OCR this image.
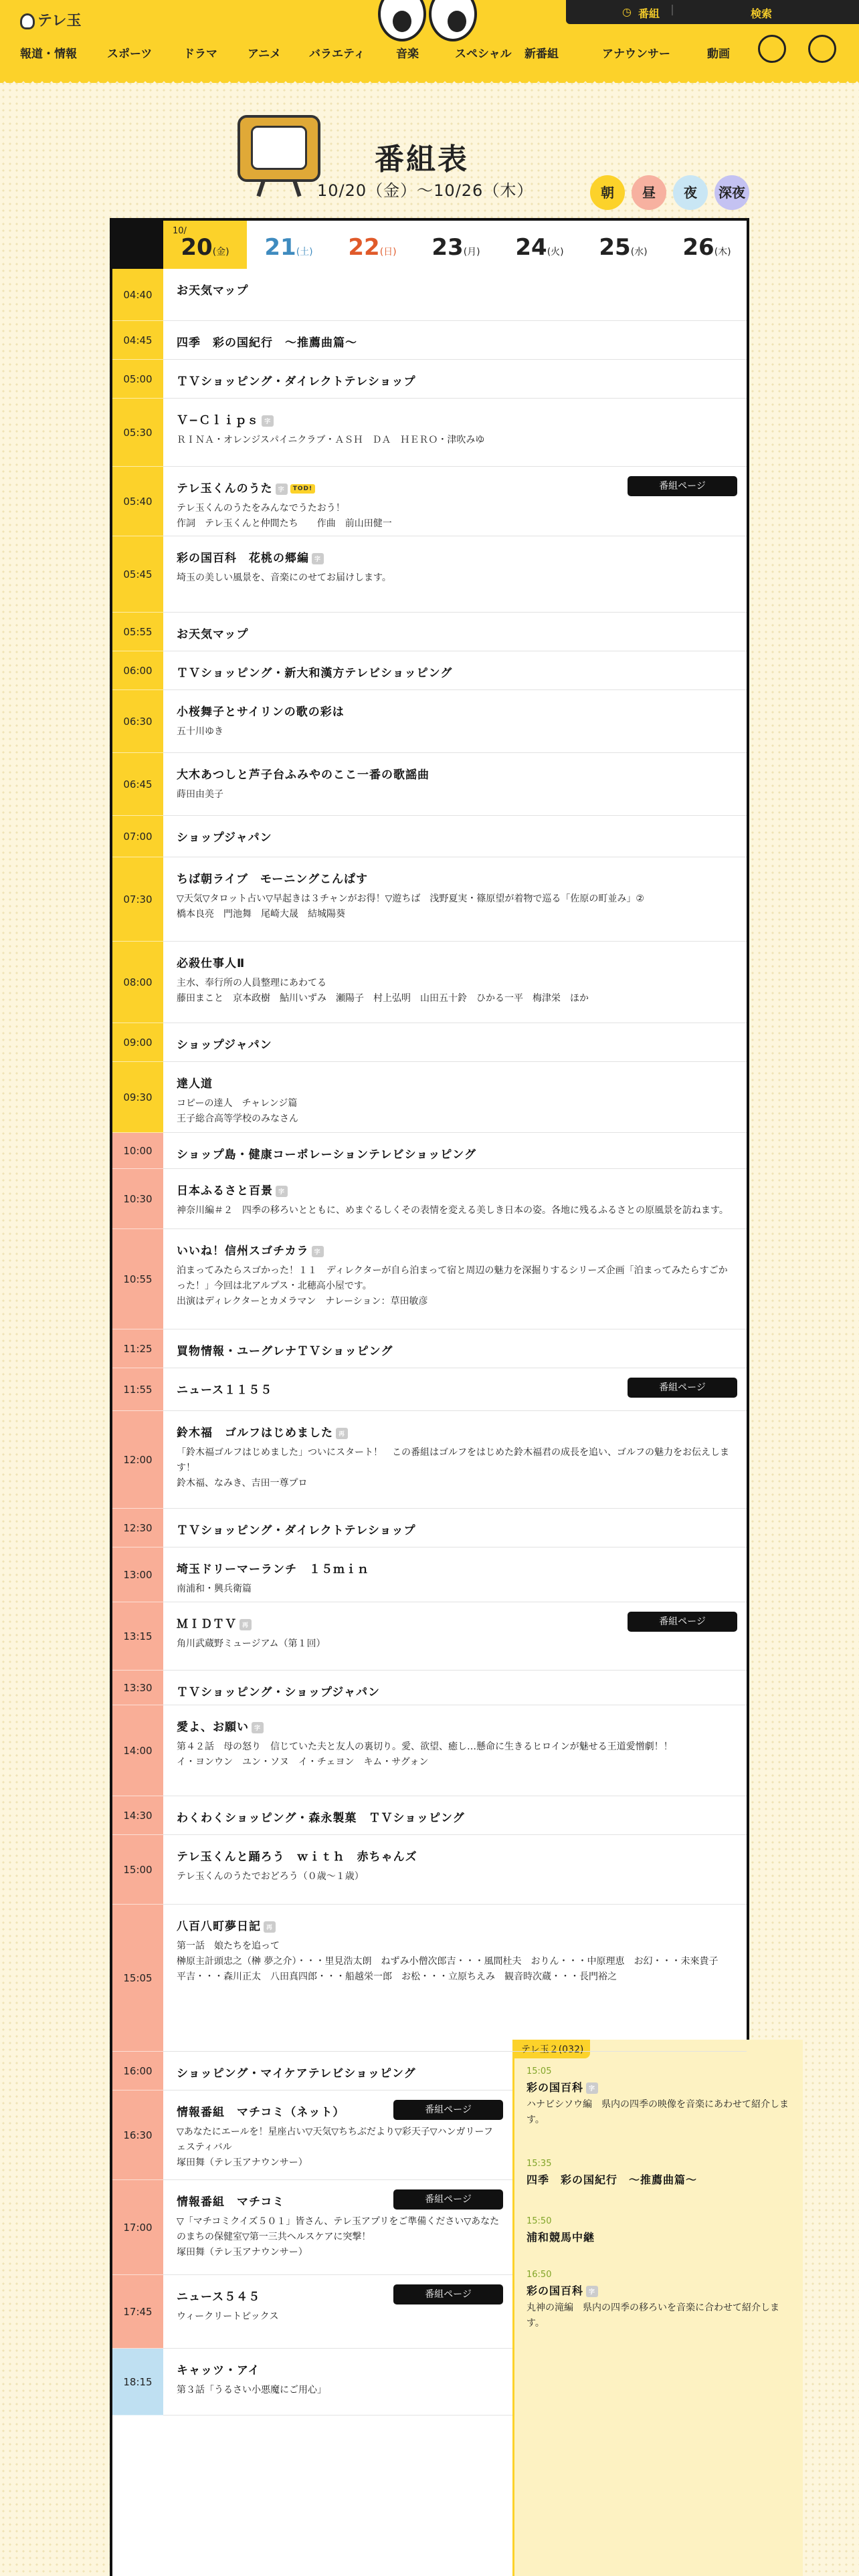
テレ玉
◷ 番組 |	検索
報道・情報	スポーツ	ドラマ	アニメ バラエティ	音楽	スペシャル 新番組	アナウンサー	動画
番組表
10/20（金）〜10/26（木）	朝	昼	夜	深夜
10/
20(金)	21(土)	22(日)	23(月)	24(火)	25(水)	26(木)
テレ玉２(032)
15:05
彩の国百科 字
ハナビシソウ編　県内の四季の映像を音楽にあわせて紹介します。
15:35
四季　彩の国紀行　〜推薦曲篇〜
15:50
浦和競馬中継
16:50
彩の国百科 字
丸神の滝編　県内の四季の移ろいを音楽に合わせて紹介します。
04:40	お天気マップ
04:45	四季　彩の国紀行　〜推薦曲篇〜
05:00	ＴＶショッピング・ダイレクトテレショップ
05:30
Ｖ−Ｃｌｉｐｓ 字
ＲＩＮＡ・オレンジスパイニクラブ・ＡＳＨ　ＤＡ　ＨＥＲＯ・津吹みゆ
05:40
テレ玉くんのうた 字 TOD!	番組ページ
テレ玉くんのうたをみんなでうたおう！
作詞　テレ玉くんと仲間たち　　作曲　前山田健一
05:45
彩の国百科　花桃の郷編 字
埼玉の美しい風景を、音楽にのせてお届けします。
05:55	お天気マップ
06:00	ＴＶショッピング・新大和漢方テレビショッピング
06:30
小桜舞子とサイリンの歌の彩は
五十川ゆき
06:45
大木あつしと芦子台ふみやのここ一番の歌謡曲
蒔田由美子
07:00	ショップジャパン
07:30
ちば朝ライブ　モーニングこんぱす
▽天気▽タロット占い▽早起きは３チャンがお得！▽遊ちば　浅野夏実・篠原望が着物で巡る「佐原の町並み」②
橋本良亮　門池舞　尾崎大晟　結城陽葵
08:00
必殺仕事人Ⅱ
主水、奉行所の人員整理にあわてる
藤田まこと　京本政樹　鮎川いずみ　瀬陽子　村上弘明　山田五十鈴　ひかる一平　梅津栄　ほか
09:00	ショップジャパン
09:30
達人道
コピーの達人　チャレンジ篇
王子総合高等学校のみなさん
10:00	ショップ島・健康コーポレーションテレビショッピング
10:30
日本ふるさと百景 字
神奈川編＃２　四季の移ろいとともに、めまぐるしくその表情を変える美しき日本の姿。各地に残るふるさとの原風景を訪ねます。
10:55
いいね！信州スゴチカラ 字
泊まってみたらスゴかった！１１　ディレクターが自ら泊まって宿と周辺の魅力を深掘りするシリーズ企画「泊まってみたらすごかった！」今回は北アルプス・北穂高小屋です。
出演はディレクターとカメラマン　ナレーション：草田敏彦
11:25	買物情報・ユーグレナＴＶショッピング
11:55	ニュース１１５５	番組ページ
12:00
鈴木福　ゴルフはじめました 再
「鈴木福ゴルフはじめました」ついにスタート！　この番組はゴルフをはじめた鈴木福君の成長を追い、ゴルフの魅力をお伝えします！
鈴木福、なみき、吉田一尊プロ
12:30	ＴＶショッピング・ダイレクトテレショップ
13:00	埼玉ドリーマーランチ　１５ｍｉｎ
南浦和・興兵衛篇
13:15
ＭＩＤＴＶ 再	番組ページ
角川武蔵野ミュージアム（第１回）
13:30	ＴＶショッピング・ショップジャパン
14:00
愛よ、お願い 字
第４２話　母の怒り　信じていた夫と友人の裏切り。愛、欲望、癒し…懸命に生きるヒロインが魅せる王道愛憎劇！！
イ・ヨンウン　ユン・ソヌ　イ・チェヨン　キム・サグォン
14:30	わくわくショッピング・森永製菓　ＴＶショッピング
15:00
テレ玉くんと踊ろう　ｗｉｔｈ　赤ちゃんズ
テレ玉くんのうたでおどろう（０歳〜１歳）
15:05
八百八町夢日記 再
第一話　娘たちを追って
榊原主計頭忠之（榊 夢之介）・・・里見浩太朗　ねずみ小僧次郎吉・・・風間杜夫　おりん・・・中原理恵　お幻・・・未來貴子　平吉・・・森川正太　八田真四郎・・・船越栄一郎　お松・・・立原ちえみ　観音時次蔵・・・長門裕之
16:00	ショッピング・マイケアテレビショッピング
16:30
情報番組　マチコミ（ネット）	番組ページ
▽あなたにエールを！星座占い▽天気▽ちちぶだより▽彩天子▽ハンガリーフェスティバル
塚田舞（テレ玉アナウンサー）
17:00
情報番組　マチコミ	番組ページ
▽「マチコミクイズ５０１」皆さん、テレ玉アプリをご準備ください▽あなたのまちの保健室▽第一三共ヘルスケアに突撃！
塚田舞（テレ玉アナウンサー）
17:45
ニュース５４５	番組ページ
ウィークリートピックス
18:15
キャッツ・アイ
第３話「うるさい小悪魔にご用心」
